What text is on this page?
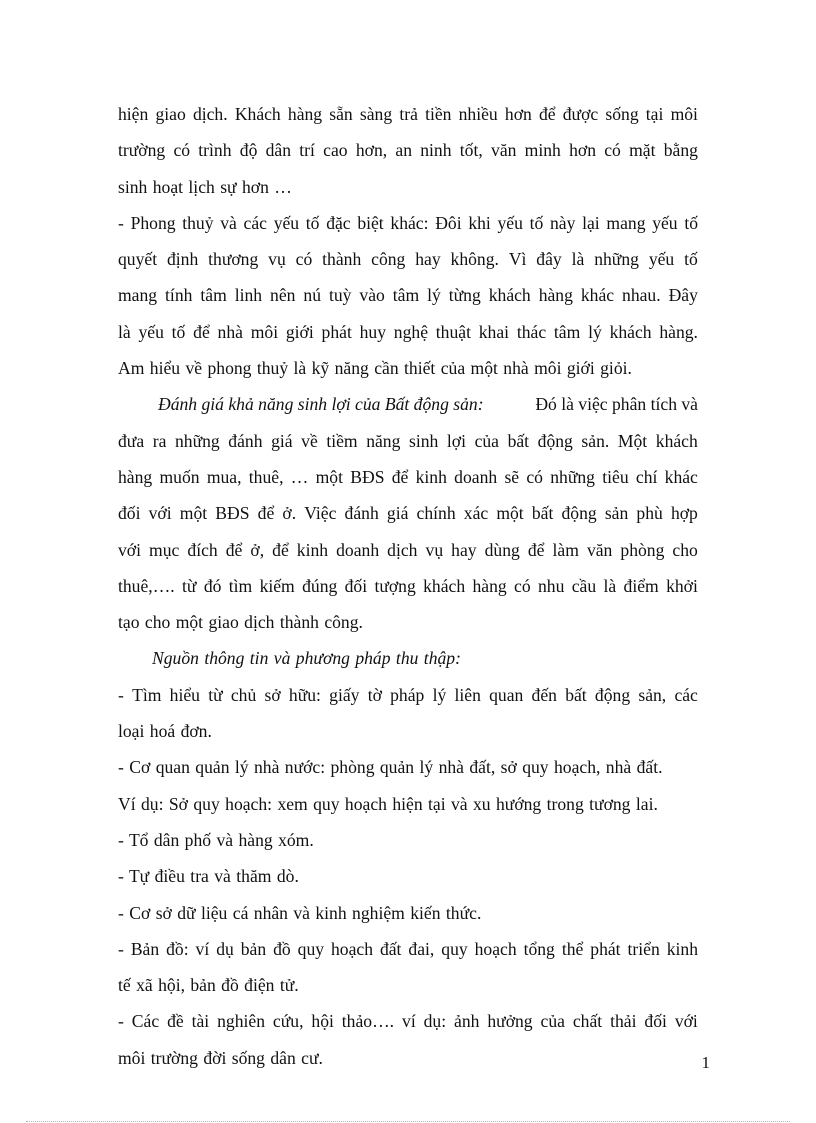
hiện giao dịch. Khách hàng sẵn sàng trả tiền nhiều hơn để được sống tại môi
trường có trình độ dân trí cao hơn, an ninh tốt, văn minh hơn có mặt bằng
sinh hoạt lịch sự hơn …
- Phong thuỷ và các yếu tố đặc biệt khác: Đôi khi yếu tố này lại mang yếu tố
quyết định thương vụ có thành công hay không. Vì đây là những yếu tố
mang tính tâm linh nên nú tuỳ vào tâm lý từng khách hàng khác nhau. Đây
là yếu tố để nhà môi giới phát huy nghệ thuật khai thác tâm lý khách hàng.
Am hiểu về phong thuỷ là kỹ năng cần thiết của một nhà môi giới giỏi.
Đánh giá khả năng sinh lợi của Bất động sản:	Đó là việc phân tích và
đưa ra những đánh giá về tiềm năng sinh lợi của bất động sản. Một khách
hàng muốn mua, thuê, … một BĐS để kinh doanh sẽ có những tiêu chí khác
đối với một BĐS để ở. Việc đánh giá chính xác một bất động sản phù hợp
với mục đích để ở, để kinh doanh dịch vụ hay dùng để làm văn phòng cho
thuê,…. từ đó tìm kiếm đúng đối tượng khách hàng có nhu cầu là điểm khởi
tạo cho một giao dịch thành công.
Nguồn thông tin và phương pháp thu thập:
- Tìm hiểu từ chủ sở hữu: giấy tờ pháp lý liên quan đến bất động sản, các
loại hoá đơn.
- Cơ quan quản lý nhà nước: phòng quản lý nhà đất, sở quy hoạch, nhà đất.
Ví dụ: Sở quy hoạch: xem quy hoạch hiện tại và xu hướng trong tương lai.
- Tổ dân phố và hàng xóm.
- Tự điều tra và thăm dò.
- Cơ sở dữ liệu cá nhân và kinh nghiệm kiến thức.
- Bản đồ: ví dụ bản đồ quy hoạch đất đai, quy hoạch tổng thể phát triển kinh
tế xã hội, bản đồ điện tử.
- Các đề tài nghiên cứu, hội thảo…. ví dụ: ảnh hưởng của chất thải đối với
môi trường đời sống dân cư.	1
